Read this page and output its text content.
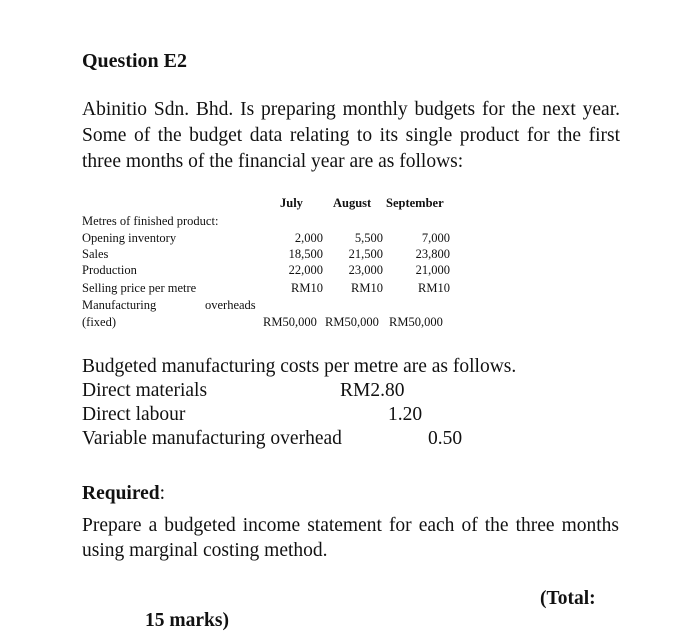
Question E2
Abinitio Sdn. Bhd. Is preparing monthly budgets for the next year. Some of the budget data relating to its single product for the first three months of the financial year are as follows:
July August September
Metres of finished product:
Opening inventory	2,000	5,500	7,000
Sales	18,500	21,500	23,800
Production	22,000	23,000	21,000
Selling price per metre	RM10	RM10	RM10
Manufacturing	overheads
(fixed)	RM50,000 RM50,000 RM50,000
Budgeted manufacturing costs per metre are as follows.
Direct materials	RM2.80
Direct labour	1.20
Variable manufacturing overhead	0.50
Required:
Prepare a budgeted income statement for each of the three months using marginal costing method.
(Total:
15 marks)
